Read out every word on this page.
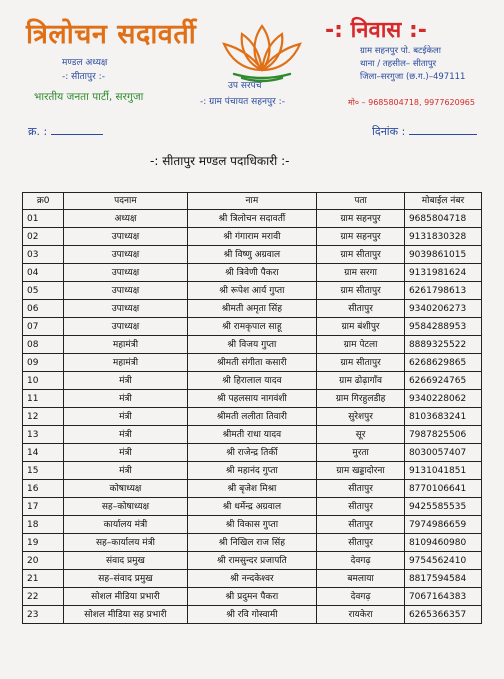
त्रिलोचन सदावर्ती
मण्डल अध्यक्ष
-: सीतापुर :-
भारतीय जनता पार्टी, सरगुजा
उप सरपंच
-: ग्राम पंचायत सहनपुर :-
-: निवास :-
ग्राम सहनपुर पो. बटईकेला
थाना / तहसील– सीतापुर
जिला–सरगुजा (छ.ग.)–497111
मो० – 9685804718, 9977620965
क्र. :	दिनांक :
-: सीतापुर मण्डल पदाधिकारी :-
क्र0	पदनाम	नाम	पता	मोबाईल नंबर
01	अध्यक्ष	श्री त्रिलोचन सदावर्ती	ग्राम सहनपुर	9685804718
02	उपाध्यक्ष	श्री गंगाराम मरावी	ग्राम सहनपुर	9131830328
03	उपाध्यक्ष	श्री विष्णु अग्रवाल	ग्राम सीतापुर	9039861015
04	उपाध्यक्ष	श्री त्रिवेणी पैकरा	ग्राम सरगा	9131981624
05	उपाध्यक्ष	श्री रूपेश आर्य गुप्ता	ग्राम सीतापुर	6261798613
06	उपाध्यक्ष	श्रीमती अमृता सिंह	सीतापुर	9340206273
07	उपाध्यक्ष	श्री रामकृपाल साहू	ग्राम बंशीपुर	9584288953
08	महामंत्री	श्री विजय गुप्ता	ग्राम पेटला	8889325522
09	महामंत्री	श्रीमती संगीता कसारी	ग्राम सीतापुर	6268629865
10	मंत्री	श्री हिरालाल यादव	ग्राम ढोढ़ागाँव	6266924765
11	मंत्री	श्री पहलसाय नागवंशी	ग्राम गिरहुलडीह	9340228062
12	मंत्री	श्रीमती ललीता तिवारी	सुरेशपुर	8103683241
13	मंत्री	श्रीमती राधा यादव	सूर	7987825506
14	मंत्री	श्री राजेन्द्र तिर्की	मुरता	8030057407
15	मंत्री	श्री महानंद गुप्ता	ग्राम खड्डादोरना	9131041851
16	कोषाध्यक्ष	श्री बृजेश मिश्रा	सीतापुर	8770106641
17	सह–कोषाध्यक्ष	श्री धर्मेन्द्र अग्रवाल	सीतापुर	9425585535
18	कार्यालय मंत्री	श्री विकास गुप्ता	सीतापुर	7974986659
19	सह–कार्यालय मंत्री	श्री निखिल राज सिंह	सीतापुर	8109460980
20	संवाद प्रमुख	श्री रामसुन्दर प्रजापति	देवगढ़	9754562410
21	सह–संवाद प्रमुख	श्री नन्दकेश्वर	बमलाया	8817594584
22	सोशल मीडिया प्रभारी	श्री प्रदुमन पैकरा	देवगढ़	7067164383
23	सोशल मीडिया सह प्रभारी	श्री रवि गोस्वामी	रायकेरा	6265366357
